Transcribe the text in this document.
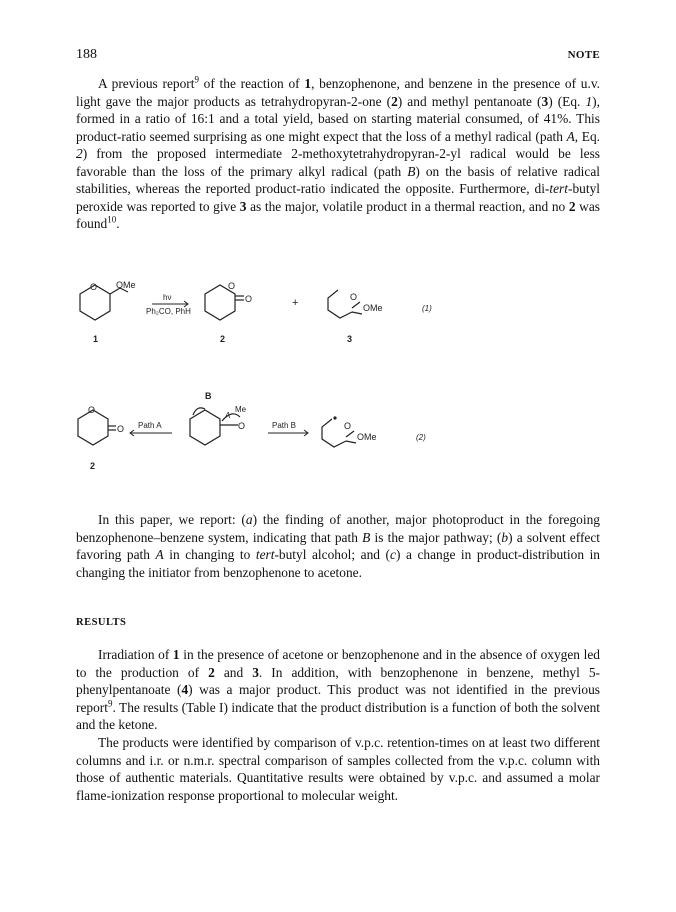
188	NOTE

A previous report$^9$ of the reaction of 1, benzophenone, and benzene in the presence of u.v. light gave the major products as tetrahydropyran-2-one (2) and methyl pentanoate (3) (Eq. 1), formed in a ratio of 16:1 and a total yield, based on starting material consumed, of 41%. This product-ratio seemed surprising as one might expect that the loss of a methyl radical (path A, Eq. 2) from the proposed intermediate 2-methoxytetrahydropyran-2-yl radical would be less favorable than the loss of the primary alkyl radical (path B) on the basis of relative radical stabilities, whereas the reported product-ratio indicated the opposite. Furthermore, di-tert-butyl peroxide was reported to give 3 as the major, volatile product in a thermal reaction, and no 2 was found$^{10}$.

O OMe
hν
Ph₂CO, PhH
O
O	+	O
OMe	(1)
1	2	3
O
O Path A
B
A
Me
O	Path B	O
OMe	(2)
2

In this paper, we report: (a) the finding of another, major photoproduct in the foregoing benzophenone–benzene system, indicating that path B is the major pathway; (b) a solvent effect favoring path A in changing to tert-butyl alcohol; and (c) a change in product-distribution in changing the initiator from benzophenone to acetone.

RESULTS

Irradiation of 1 in the presence of acetone or benzophenone and in the absence of oxygen led to the production of 2 and 3. In addition, with benzophenone in benzene, methyl 5-phenylpentanoate (4) was a major product. This product was not identified in the previous report$^9$. The results (Table I) indicate that the product distribution is a function of both the solvent and the ketone.

The products were identified by comparison of v.p.c. retention-times on at least two different columns and i.r. or n.m.r. spectral comparison of samples collected from the v.p.c. column with those of authentic materials. Quantitative results were obtained by v.p.c. and assumed a molar flame-ionization response proportional to molecular weight.
